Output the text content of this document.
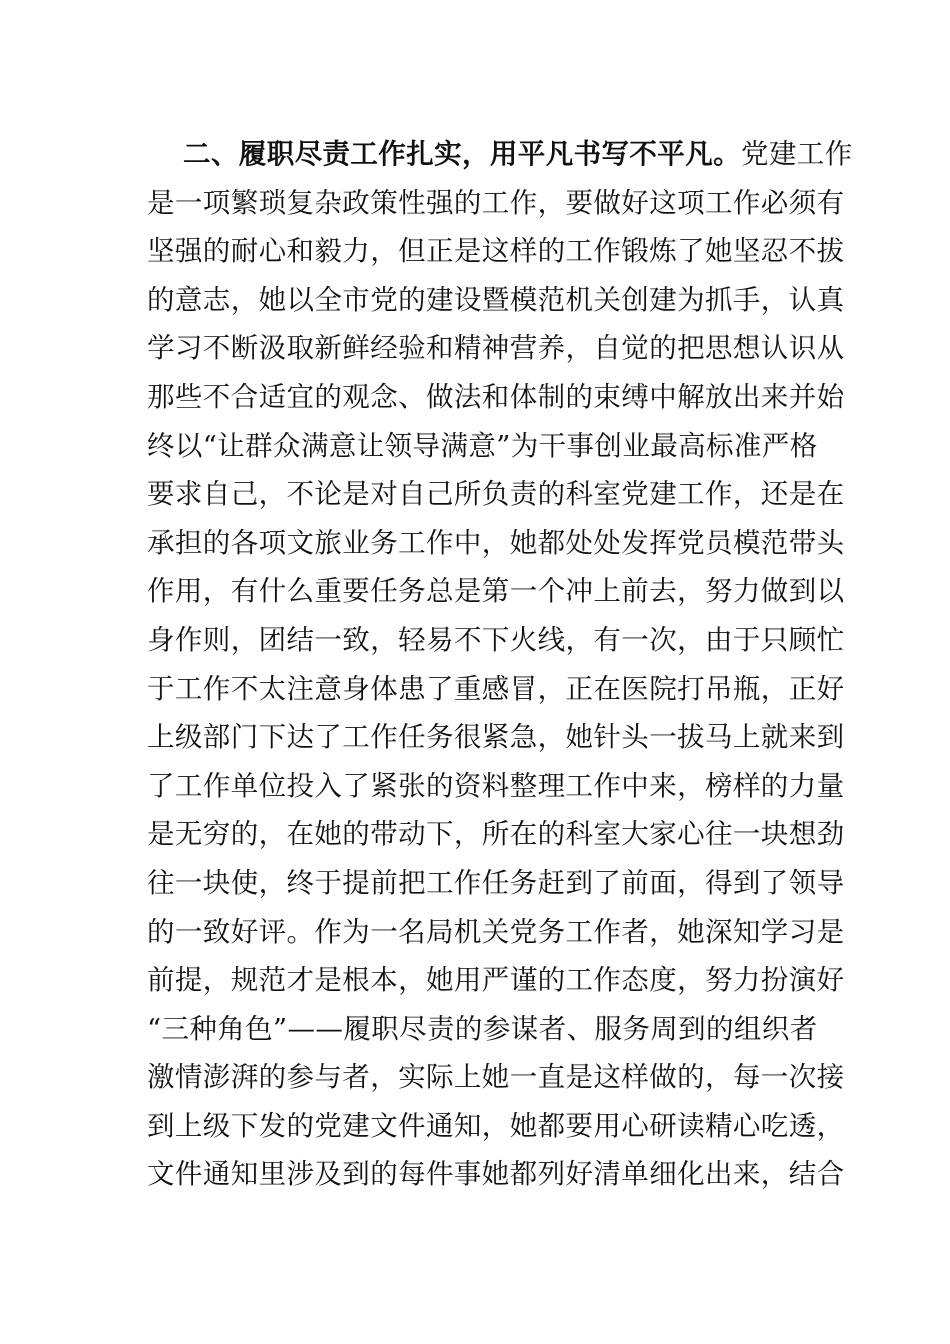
二、履职尽责工作扎实，用平凡书写不平凡。党建工作
是一项繁琐复杂政策性强的工作，要做好这项工作必须有
坚强的耐心和毅力，但正是这样的工作锻炼了她坚忍不拔
的意志，她以全市党的建设暨模范机关创建为抓手，认真
学习不断汲取新鲜经验和精神营养，自觉的把思想认识从
那些不合适宜的观念、做法和体制的束缚中解放出来并始
终以“让群众满意让领导满意”为干事创业最高标准严格
要求自己，不论是对自己所负责的科室党建工作，还是在
承担的各项文旅业务工作中，她都处处发挥党员模范带头
作用，有什么重要任务总是第一个冲上前去，努力做到以
身作则，团结一致，轻易不下火线，有一次，由于只顾忙
于工作不太注意身体患了重感冒，正在医院打吊瓶，正好
上级部门下达了工作任务很紧急，她针头一拔马上就来到
了工作单位投入了紧张的资料整理工作中来，榜样的力量
是无穷的，在她的带动下，所在的科室大家心往一块想劲
往一块使，终于提前把工作任务赶到了前面，得到了领导
的一致好评。作为一名局机关党务工作者，她深知学习是
前提，规范才是根本，她用严谨的工作态度，努力扮演好
“三种角色”——履职尽责的参谋者、服务周到的组织者
激情澎湃的参与者，实际上她一直是这样做的，每一次接
到上级下发的党建文件通知，她都要用心研读精心吃透，
文件通知里涉及到的每件事她都列好清单细化出来，结合
